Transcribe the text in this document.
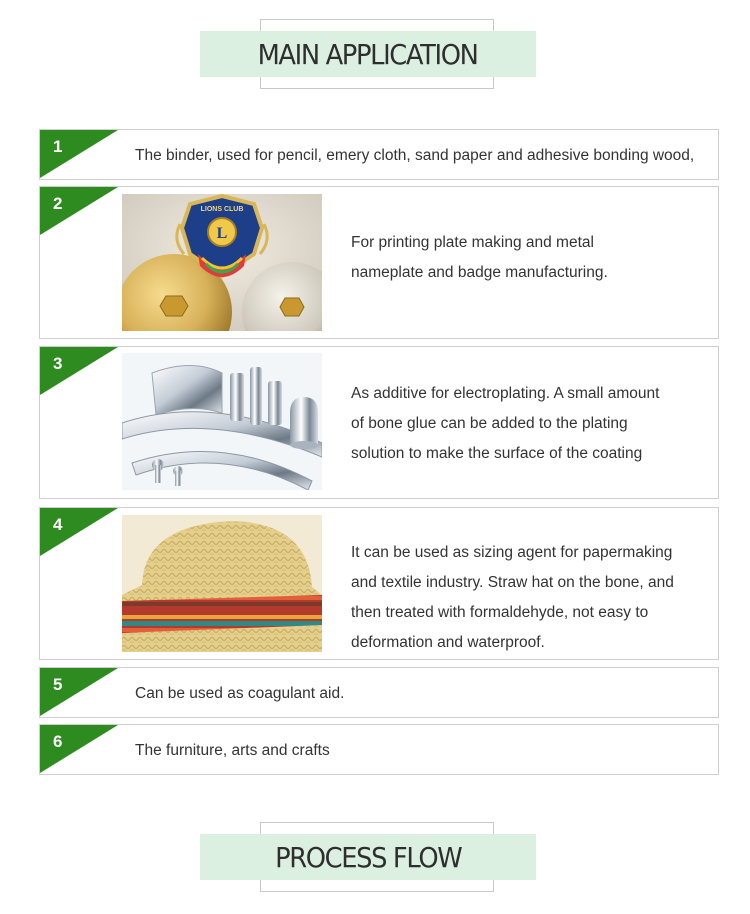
MAIN APPLICATION
1	The binder, used for pencil, emery cloth, sand paper and adhesive bonding wood,
L
LIONS CLUB
2
For printing plate making and metal
nameplate and badge manufacturing.
3
As additive for electroplating. A small amount
of bone glue can be added to the plating
solution to make the surface of the coating
4
It can be used as sizing agent for papermaking
and textile industry. Straw hat on the bone, and
then treated with formaldehyde, not easy to
deformation and waterproof.
5	Can be used as coagulant aid.
6	The furniture, arts and crafts
PROCESS FLOW
